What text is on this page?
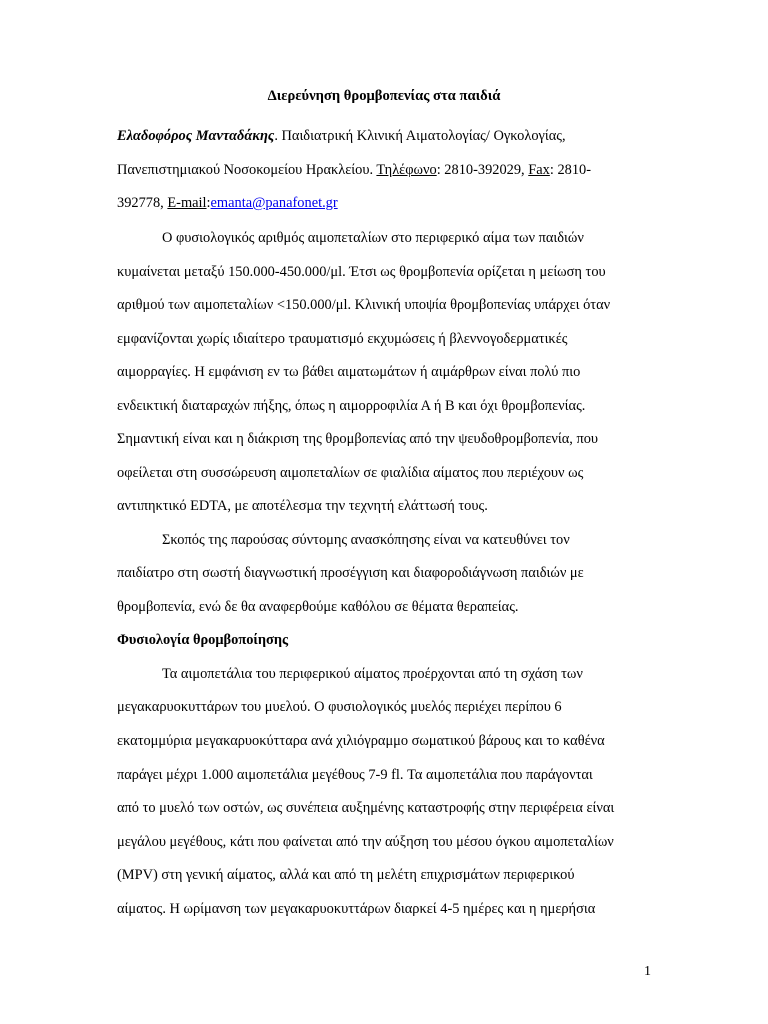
Διερεύνηση θρομβοπενίας στα παιδιά
Ελαδοφόρος Μανταδάκης. Παιδιατρική Κλινική Αιματολογίας/ Ογκολογίας,
Πανεπιστημιακού Νοσοκομείου Ηρακλείου. Τηλέφωνο: 2810-392029, Fax: 2810-
392778, E-mail:emanta@panafonet.gr
Ο φυσιολογικός αριθμός αιμοπεταλίων στο περιφερικό αίμα των παιδιών
κυμαίνεται μεταξύ 150.000-450.000/μl. Έτσι ως θρομβοπενία ορίζεται η μείωση του
αριθμού των αιμοπεταλίων <150.000/μl. Κλινική υποψία θρομβοπενίας υπάρχει όταν
εμφανίζονται χωρίς ιδιαίτερο τραυματισμό εκχυμώσεις ή βλεννογοδερματικές
αιμορραγίες. Η εμφάνιση εν τω βάθει αιματωμάτων ή αιμάρθρων είναι πολύ πιο
ενδεικτική διαταραχών πήξης, όπως η αιμορροφιλία Α ή Β και όχι θρομβοπενίας.
Σημαντική είναι και η διάκριση της θρομβοπενίας από την ψευδοθρομβοπενία, που
οφείλεται στη συσσώρευση αιμοπεταλίων σε φιαλίδια αίματος που περιέχουν ως
αντιπηκτικό EDTA, με αποτέλεσμα την τεχνητή ελάττωσή τους.
Σκοπός της παρούσας σύντομης ανασκόπησης είναι να κατευθύνει τον
παιδίατρο στη σωστή διαγνωστική προσέγγιση και διαφοροδιάγνωση παιδιών με
θρομβοπενία, ενώ δε θα αναφερθούμε καθόλου σε θέματα θεραπείας.
Φυσιολογία θρομβοποίησης
Τα αιμοπετάλια του περιφερικού αίματος προέρχονται από τη σχάση των
μεγακαρυοκυττάρων του μυελού. Ο φυσιολογικός μυελός περιέχει περίπου 6
εκατομμύρια μεγακαρυοκύτταρα ανά χιλιόγραμμο σωματικού βάρους και το καθένα
παράγει μέχρι 1.000 αιμοπετάλια μεγέθους 7-9 fl. Τα αιμοπετάλια που παράγονται
από το μυελό των οστών, ως συνέπεια αυξημένης καταστροφής στην περιφέρεια είναι
μεγάλου μεγέθους, κάτι που φαίνεται από την αύξηση του μέσου όγκου αιμοπεταλίων
(MPV) στη γενική αίματος, αλλά και από τη μελέτη επιχρισμάτων περιφερικού
αίματος. Η ωρίμανση των μεγακαρυοκυττάρων διαρκεί 4-5 ημέρες και η ημερήσια
1
